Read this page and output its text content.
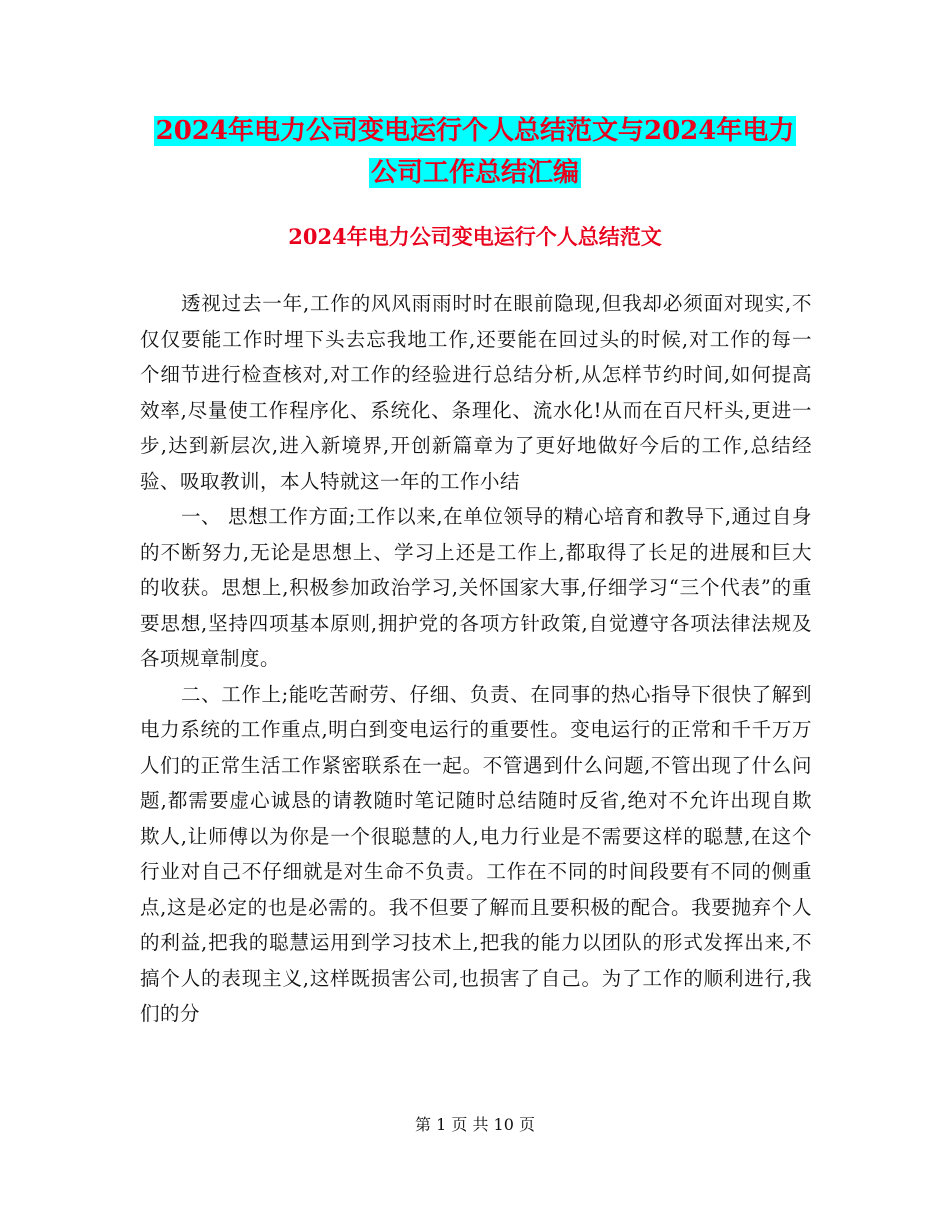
2024年电力公司变电运行个人总结范文与2024年电力
公司工作总结汇编
2024年电力公司变电运行个人总结范文

透视过去一年,工作的风风雨雨时时在眼前隐现,但我却必须面对现实,不仅仅要能工作时埋下头去忘我地工作,还要能在回过头的时候,对工作的每一个细节进行检查核对,对工作的经验进行总结分析,从怎样节约时间,如何提高效率,尽量使工作程序化、系统化、条理化、流水化!从而在百尺杆头,更进一步,达到新层次,进入新境界,开创新篇章为了更好地做好今后的工作,总结经验、吸取教训，本人特就这一年的工作小结

一、 思想工作方面;工作以来,在单位领导的精心培育和教导下,通过自身的不断努力,无论是思想上、学习上还是工作上,都取得了长足的进展和巨大的收获。思想上,积极参加政治学习,关怀国家大事,仔细学习“三个代表”的重要思想,坚持四项基本原则,拥护党的各项方针政策,自觉遵守各项法律法规及各项规章制度。

二、工作上;能吃苦耐劳、仔细、负责、在同事的热心指导下很快了解到电力系统的工作重点,明白到变电运行的重要性。变电运行的正常和千千万万人们的正常生活工作紧密联系在一起。不管遇到什么问题,不管出现了什么问题,都需要虚心诚恳的请教随时笔记随时总结随时反省,绝对不允许出现自欺欺人,让师傅以为你是一个很聪慧的人,电力行业是不需要这样的聪慧,在这个行业对自己不仔细就是对生命不负责。工作在不同的时间段要有不同的侧重点,这是必定的也是必需的。我不但要了解而且要积极的配合。我要抛弃个人的利益,把我的聪慧运用到学习技术上,把我的能力以团队的形式发挥出来,不搞个人的表现主义,这样既损害公司,也损害了自己。为了工作的顺利进行,我们的分

第 1 页 共 10 页
